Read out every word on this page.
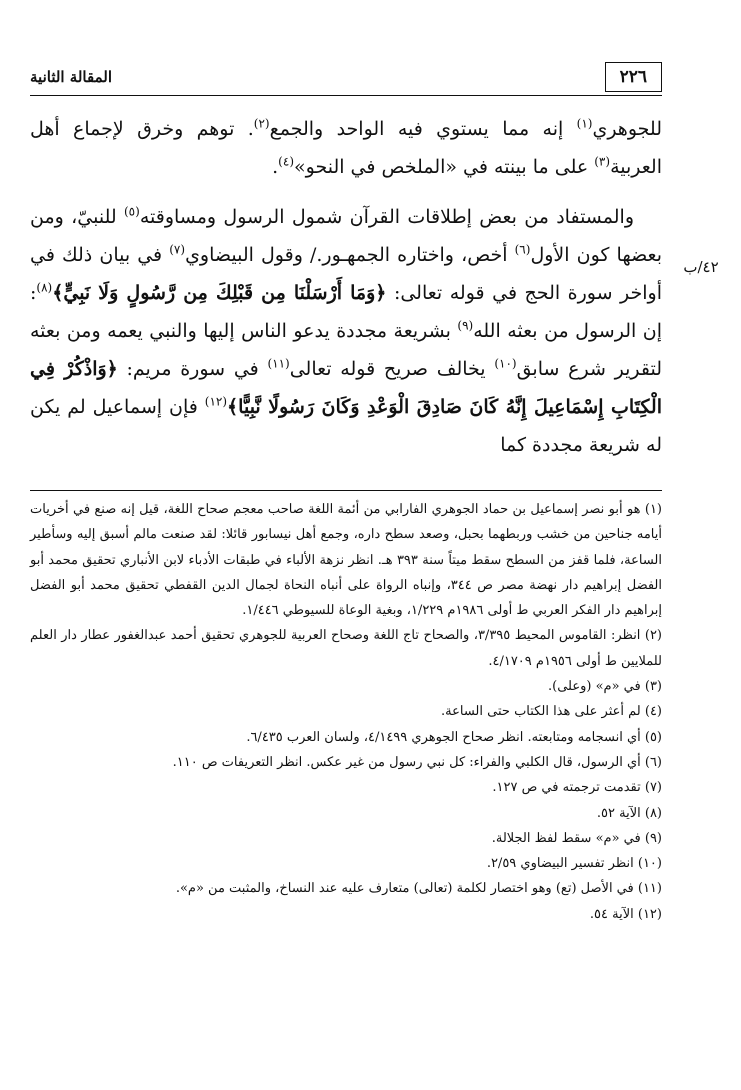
٢٢٦
المقالة الثانية
٤٢/ب

للجوهري$^{(١)}$ إنه مما يستوي فيه الواحد والجمع$^{(٢)}$. توهم وخرق لإجماع أهل العربية$^{(٣)}$ على ما بينته في «الملخص في النحو»$^{(٤)}$.

والمستفاد من بعض إطلاقات القرآن شمول الرسول ومساوقته$^{(٥)}$ للنبيّ، ومن بعضها كون الأول$^{(٦)}$ أخص، واختاره الجمهـور./ وقول البيضاوي$^{(٧)}$ في بيان ذلك في أواخر سورة الحج في قوله تعالى: ﴿وَمَا أَرْسَلْنَا مِن قَبْلِكَ مِن رَّسُولٍ وَلَا نَبِيٍّ﴾$^{(٨)}$: إن الرسول من بعثه الله$^{(٩)}$ بشريعة مجددة يدعو الناس إليها والنبي يعمه ومن بعثه لتقرير شرع سابق$^{(١٠)}$ يخالف صريح قوله تعالى$^{(١١)}$ في سورة مريم: ﴿وَاذْكُرْ فِي الْكِتَابِ إِسْمَاعِيلَ إِنَّهُ كَانَ صَادِقَ الْوَعْدِ وَكَانَ رَسُولًا نَّبِيًّا﴾$^{(١٢)}$ فإن إسماعيل لم يكن له شريعة مجددة كما

(١) هو أبو نصر إسماعيل بن حماد الجوهري الفارابي من أئمة اللغة صاحب معجم صحاح اللغة، قيل إنه صنع في أخريات أيامه جناحين من خشب وربطهما بحبل، وصعد سطح داره، وجمع أهل نيسابور قائلا: لقد صنعت مالم أسبق إليه وسأطير الساعة، فلما قفز من السطح سقط ميتاً سنة ٣٩٣ هـ. انظر نزهة الألباء في طبقات الأدباء لابن الأنباري تحقيق محمد أبو الفضل إبراهيم دار نهضة مصر ص ٣٤٤، وإنباه الرواة على أنباه النحاة لجمال الدين القفطي تحقيق محمد أبو الفضل إبراهيم دار الفكر العربي ط أولى ١٩٨٦م ١/٢٢٩، وبغية الوعاة للسيوطي ١/٤٤٦.

(٢) انظر: القاموس المحيط ٣/٣٩٥، والصحاح تاج اللغة وصحاح العربية للجوهري تحقيق أحمد عبدالغفور عطار دار العلم للملايين ط أولى ١٩٥٦م ٤/١٧٠٩.

(٣) في «م» (وعلى).

(٤) لم أعثر على هذا الكتاب حتى الساعة.

(٥) أي انسجامه ومتابعته. انظر صحاح الجوهري ٤/١٤٩٩، ولسان العرب ٦/٤٣٥.

(٦) أي الرسول، قال الكلبي والفراء: كل نبي رسول من غير عكس. انظر التعريفات ص ١١٠.

(٧) تقدمت ترجمته في ص ١٢٧.

(٨) الآية ٥٢.

(٩) في «م» سقط لفظ الجلالة.

(١٠) انظر تفسير البيضاوي ٢/٥٩.

(١١) في الأصل (تع) وهو اختصار لكلمة (تعالى) متعارف عليه عند النساخ، والمثبت من «م».

(١٢) الآية ٥٤.
